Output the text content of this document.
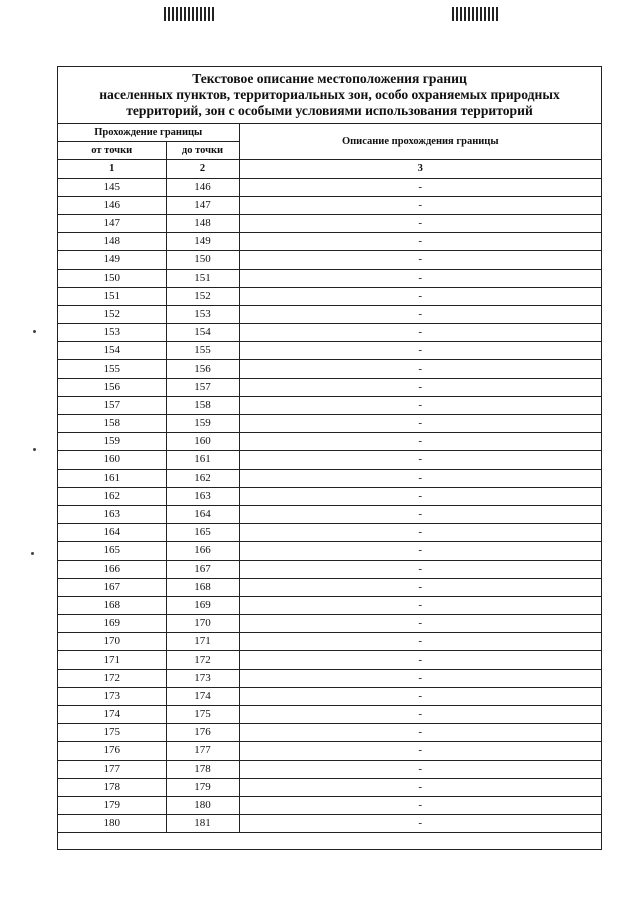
Текстовое описание местоположения границ
населенных пунктов, территориальных зон, особо охраняемых природных
территорий, зон с особыми условиями использования территорий
Прохождение границы		Описание прохождения границы
от точки	до точки	
1	2	3
145	146	-
146	147	-
147	148	-
148	149	-
149	150	-
150	151	-
151	152	-
152	153	-
153	154	-
154	155	-
155	156	-
156	157	-
157	158	-
158	159	-
159	160	-
160	161	-
161	162	-
162	163	-
163	164	-
164	165	-
165	166	-
166	167	-
167	168	-
168	169	-
169	170	-
170	171	-
171	172	-
172	173	-
173	174	-
174	175	-
175	176	-
176	177	-
177	178	-
178	179	-
179	180	-
180	181	-
